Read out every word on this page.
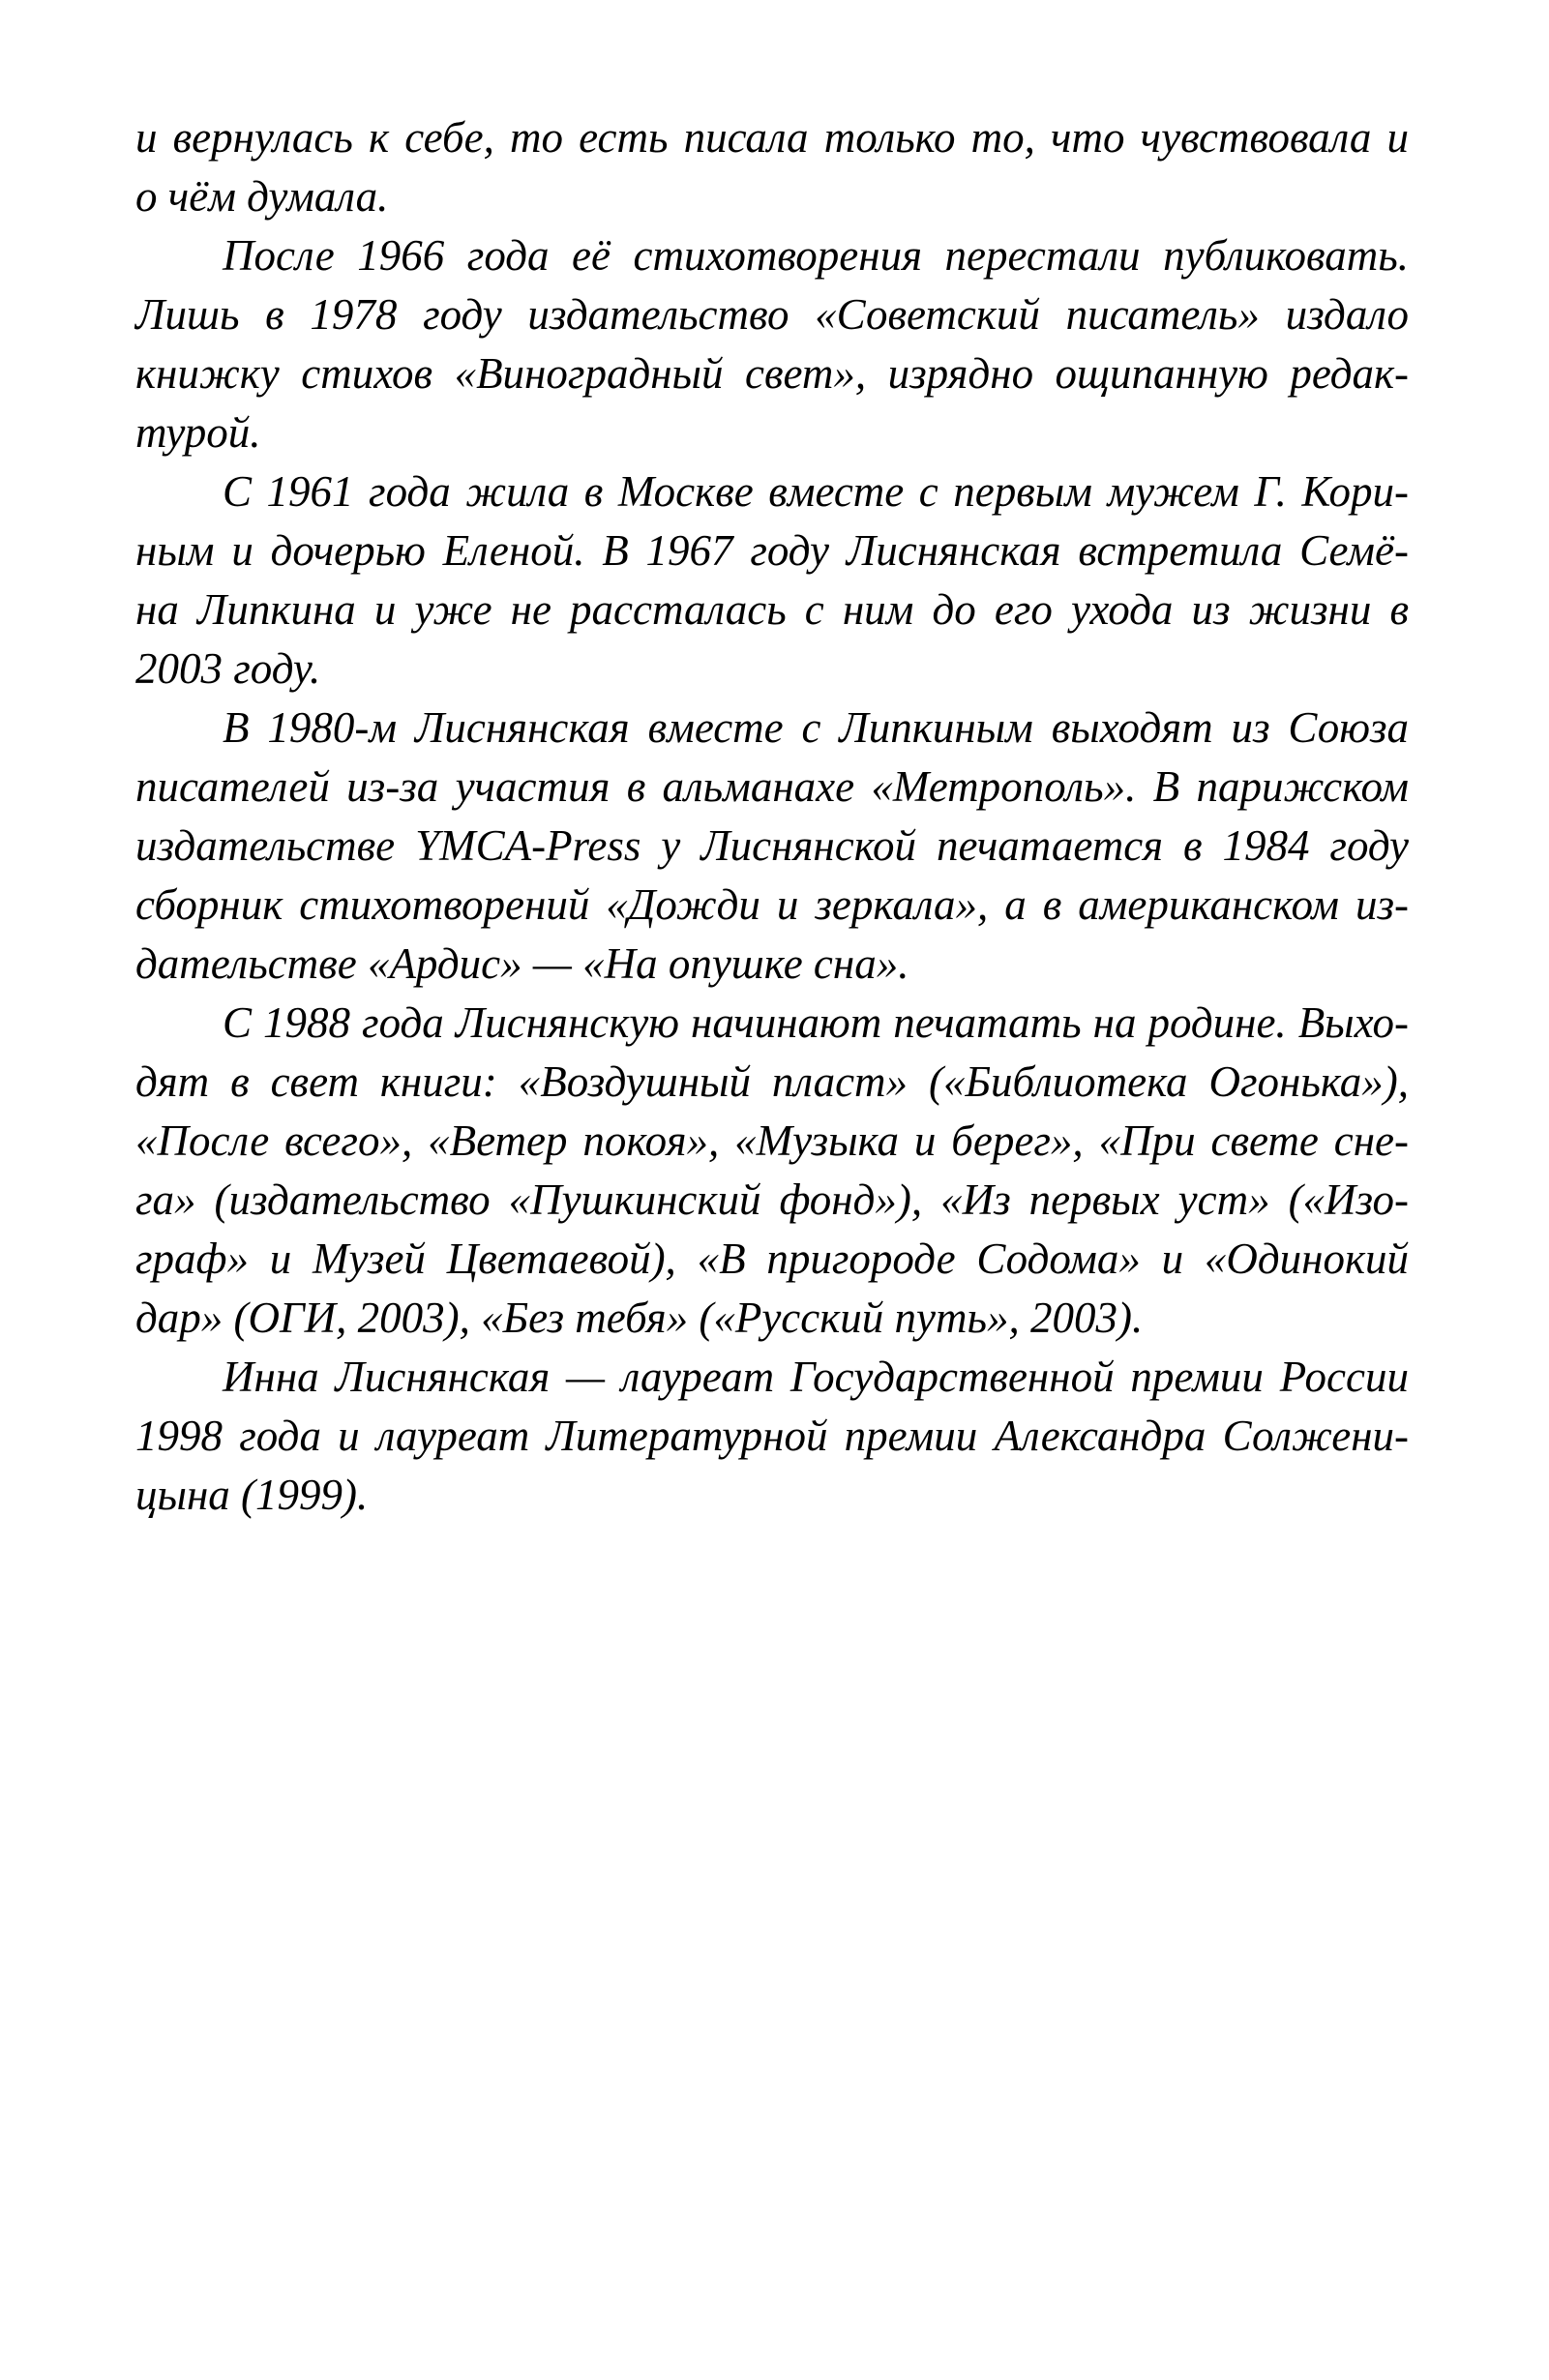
и вернулась к себе, то есть писала только то, что чувствовала и
о чём думала.
После 1966 года её стихотворения перестали публиковать.
Лишь в 1978 году издательство «Советский писатель» издало
книжку стихов «Виноградный свет», изрядно ощипанную редак-
турой.
С 1961 года жила в Москве вместе с первым мужем Г. Кори-
ным и дочерью Еленой. В 1967 году Лиснянская встретила Семё-
на Липкина и уже не рассталась с ним до его ухода из жизни в
2003 году.
В 1980-м Лиснянская вместе с Липкиным выходят из Союза
писателей из-за участия в альманахе «Метрополь». В парижском
издательстве YMCA-Press у Лиснянской печатается в 1984 году
сборник стихотворений «Дожди и зеркала», а в американском из-
дательстве «Ардис» — «На опушке сна».
С 1988 года Лиснянскую начинают печатать на родине. Выхо-
дят в свет книги: «Воздушный пласт» («Библиотека Огонька»),
«После всего», «Ветер покоя», «Музыка и берег», «При свете сне-
га» (издательство «Пушкинский фонд»), «Из первых уст» («Изо-
граф» и Музей Цветаевой), «В пригороде Содома» и «Одинокий
дар» (ОГИ, 2003), «Без тебя» («Русский путь», 2003).
Инна Лиснянская — лауреат Государственной премии России
1998 года и лауреат Литературной премии Александра Солжени-
цына (1999).
